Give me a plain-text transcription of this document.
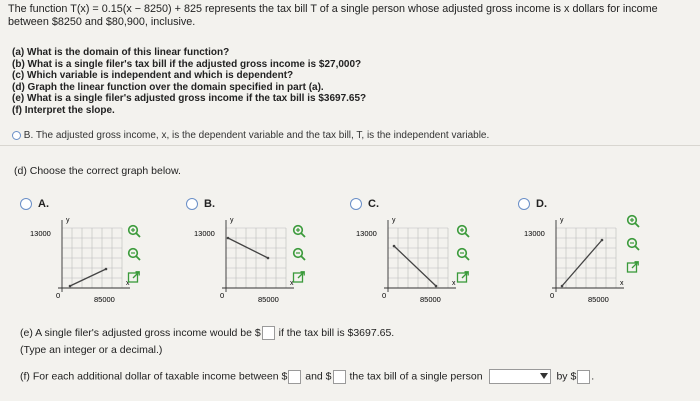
The function T(x) = 0.15(x − 8250) + 825 represents the tax bill T of a single person whose adjusted gross income is x dollars for income
between $8250 and $80,900, inclusive.
(a) What is the domain of this linear function?
(b) What is a single filer's tax bill if the adjusted gross income is $27,000?
(c) Which variable is independent and which is dependent?
(d) Graph the linear function over the domain specified in part (a).
(e) What is a single filer's adjusted gross income if the tax bill is $3697.65?
(f) Interpret the slope.
B. The adjusted gross income, x, is the dependent variable and the tax bill, T, is the independent variable.
(d) Choose the correct graph below.
A.	B.	C.	D.
y
x
13000
0	85000
y
x
13000
0	85000
y
x
13000
0	85000
y
x
13000
0	85000
(e) A single filer's adjusted gross income would be $ if the tax bill is $3697.65.
(Type an integer or a decimal.)
(f) For each additional dollar of taxable income between $ and $ the tax bill of a single person	by $ .
